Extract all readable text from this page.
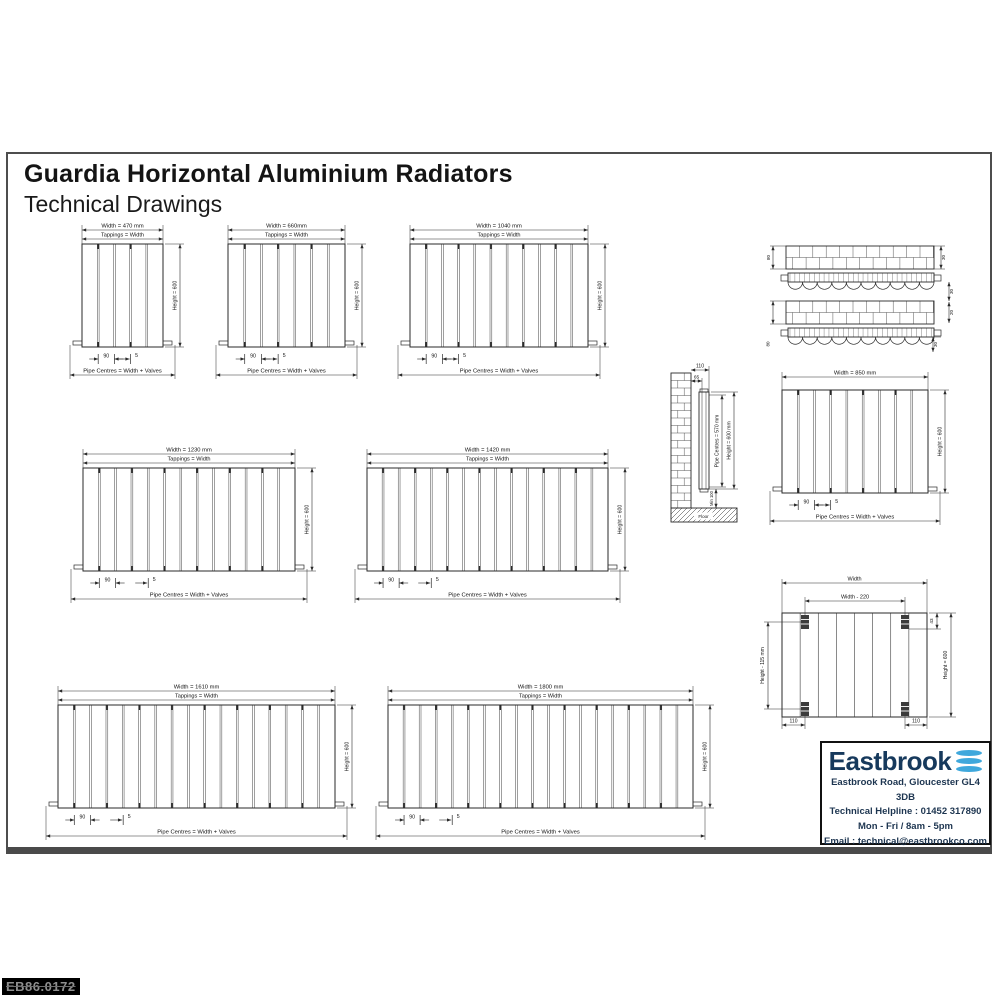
Guardia Horizontal Aluminium Radiators
Technical Drawings
Width = 470 mm
Tappings = Width
Height = 600
Pipe Centres = Width + Valves
90	5
Width = 660mm
Tappings = Width
Height = 600
Pipe Centres = Width + Valves
90	5
Width = 1040 mm
Tappings = Width
Height = 600
Pipe Centres = Width + Valves
90	5
Width = 1230 mm
Tappings = Width
Height = 600
Pipe Centres = Width + Valves
90	5
Width = 1420 mm
Tappings = Width
Height = 600
Pipe Centres = Width + Valves
90	5
Width = 1610 mm
Tappings = Width
Height = 600
Pipe Centres = Width + Valves
90	5
Width = 1800 mm
Tappings = Width
Height = 600
Pipe Centres = Width + Valves
90	5
Width = 850 mm
Height = 600
Pipe Centres = Width + Valves
90	5
Floor
110
65
Pipe Centres = 570 mm Height = 600 mm
Min 100
80	30
30
20
80	30
Width
Width - 220
Height - 115 mm
43
Height = 600
110	110
Eastbrook
Eastbrook Road, Gloucester GL4 3DB
Technical Helpline : 01452 317890
Mon - Fri / 8am - 5pm
Email : technical@eastbrookco.com
EB86.0172
